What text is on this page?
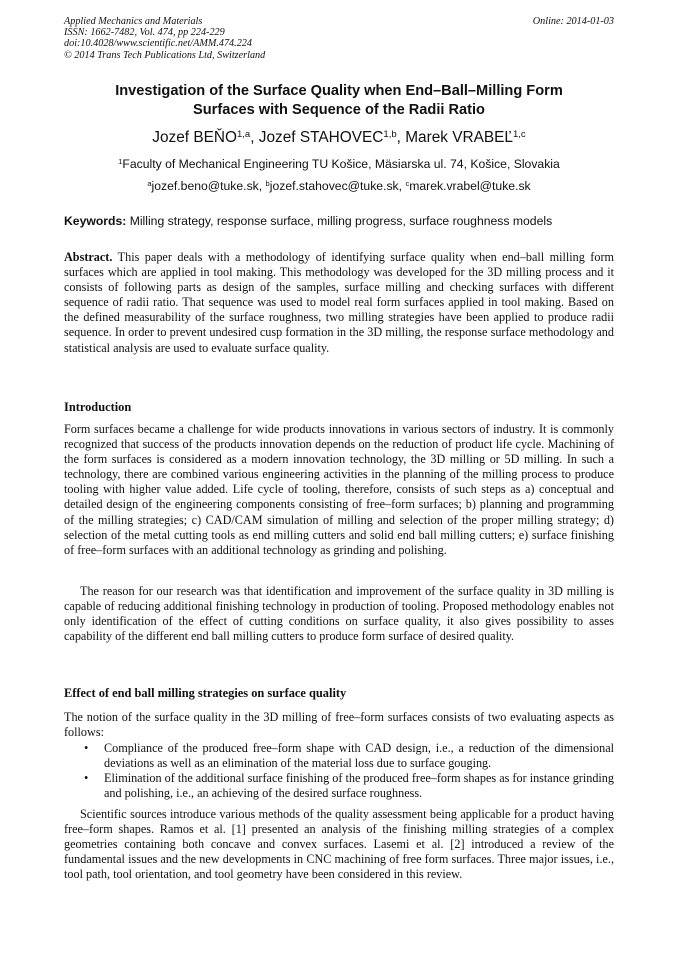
Applied Mechanics and Materials
ISSN: 1662-7482, Vol. 474, pp 224-229
doi:10.4028/www.scientific.net/AMM.474.224
© 2014 Trans Tech Publications Ltd, Switzerland
Online: 2014-01-03
Investigation of the Surface Quality when End–Ball–Milling Form
Surfaces with Sequence of the Radii Ratio
Jozef BEŇO$^{1,a}$, Jozef STAHOVEC$^{1,b}$, Marek VRABEĽ$^{1,c}$
$^1$Faculty of Mechanical Engineering TU Košice, Mäsiarska ul. 74, Košice, Slovakia
$^a$jozef.beno@tuke.sk, $^b$jozef.stahovec@tuke.sk, $^c$marek.vrabel@tuke.sk
Keywords: Milling strategy, response surface, milling progress, surface roughness models
Abstract. This paper deals with a methodology of identifying surface quality when end–ball milling form surfaces which are applied in tool making. This methodology was developed for the 3D milling process and it consists of following parts as design of the samples, surface milling and checking surfaces with different sequence of radii ratio. That sequence was used to model real form surfaces applied in tool making. Based on the defined measurability of the surface roughness, two milling strategies have been applied to produce radii sequence. In order to prevent undesired cusp formation in the 3D milling, the response surface methodology and statistical analysis are used to evaluate surface quality.
Introduction
Form surfaces became a challenge for wide products innovations in various sectors of industry. It is commonly recognized that success of the products innovation depends on the reduction of product life cycle. Machining of the form surfaces is considered as a modern innovation technology, the 3D milling or 5D milling. In such a technology, there are combined various engineering activities in the planning of the milling process to produce tooling with higher value added. Life cycle of tooling, therefore, consists of such steps as a) conceptual and detailed design of the engineering components consisting of free–form surfaces; b) planning and programming of the milling strategies; c) CAD/CAM simulation of milling and selection of the proper milling strategy; d) selection of the metal cutting tools as end milling cutters and solid end ball milling cutters; e) surface finishing of free–form surfaces with an additional technology as grinding and polishing.
The reason for our research was that identification and improvement of the surface quality in 3D milling is capable of reducing additional finishing technology in production of tooling. Proposed methodology enables not only identification of the effect of cutting conditions on surface quality, it also gives possibility to asses capability of the different end ball milling cutters to produce form surface of desired quality.
Effect of end ball milling strategies on surface quality
The notion of the surface quality in the 3D milling of free–form surfaces consists of two evaluating aspects as follows:
• Compliance of the produced free–form shape with CAD design, i.e., a reduction of the dimensional deviations as well as an elimination of the material loss due to surface gouging.
• Elimination of the additional surface finishing of the produced free–form shapes as for instance grinding and polishing, i.e., an achieving of the desired surface roughness.
Scientific sources introduce various methods of the quality assessment being applicable for a product having free–form shapes. Ramos et al. [1] presented an analysis of the finishing milling strategies of a complex geometries containing both concave and convex surfaces. Lasemi et al. [2] introduced a review of the fundamental issues and the new developments in CNC machining of free form surfaces. Three major issues, i.e., tool path, tool orientation, and tool geometry have been considered in this review.
